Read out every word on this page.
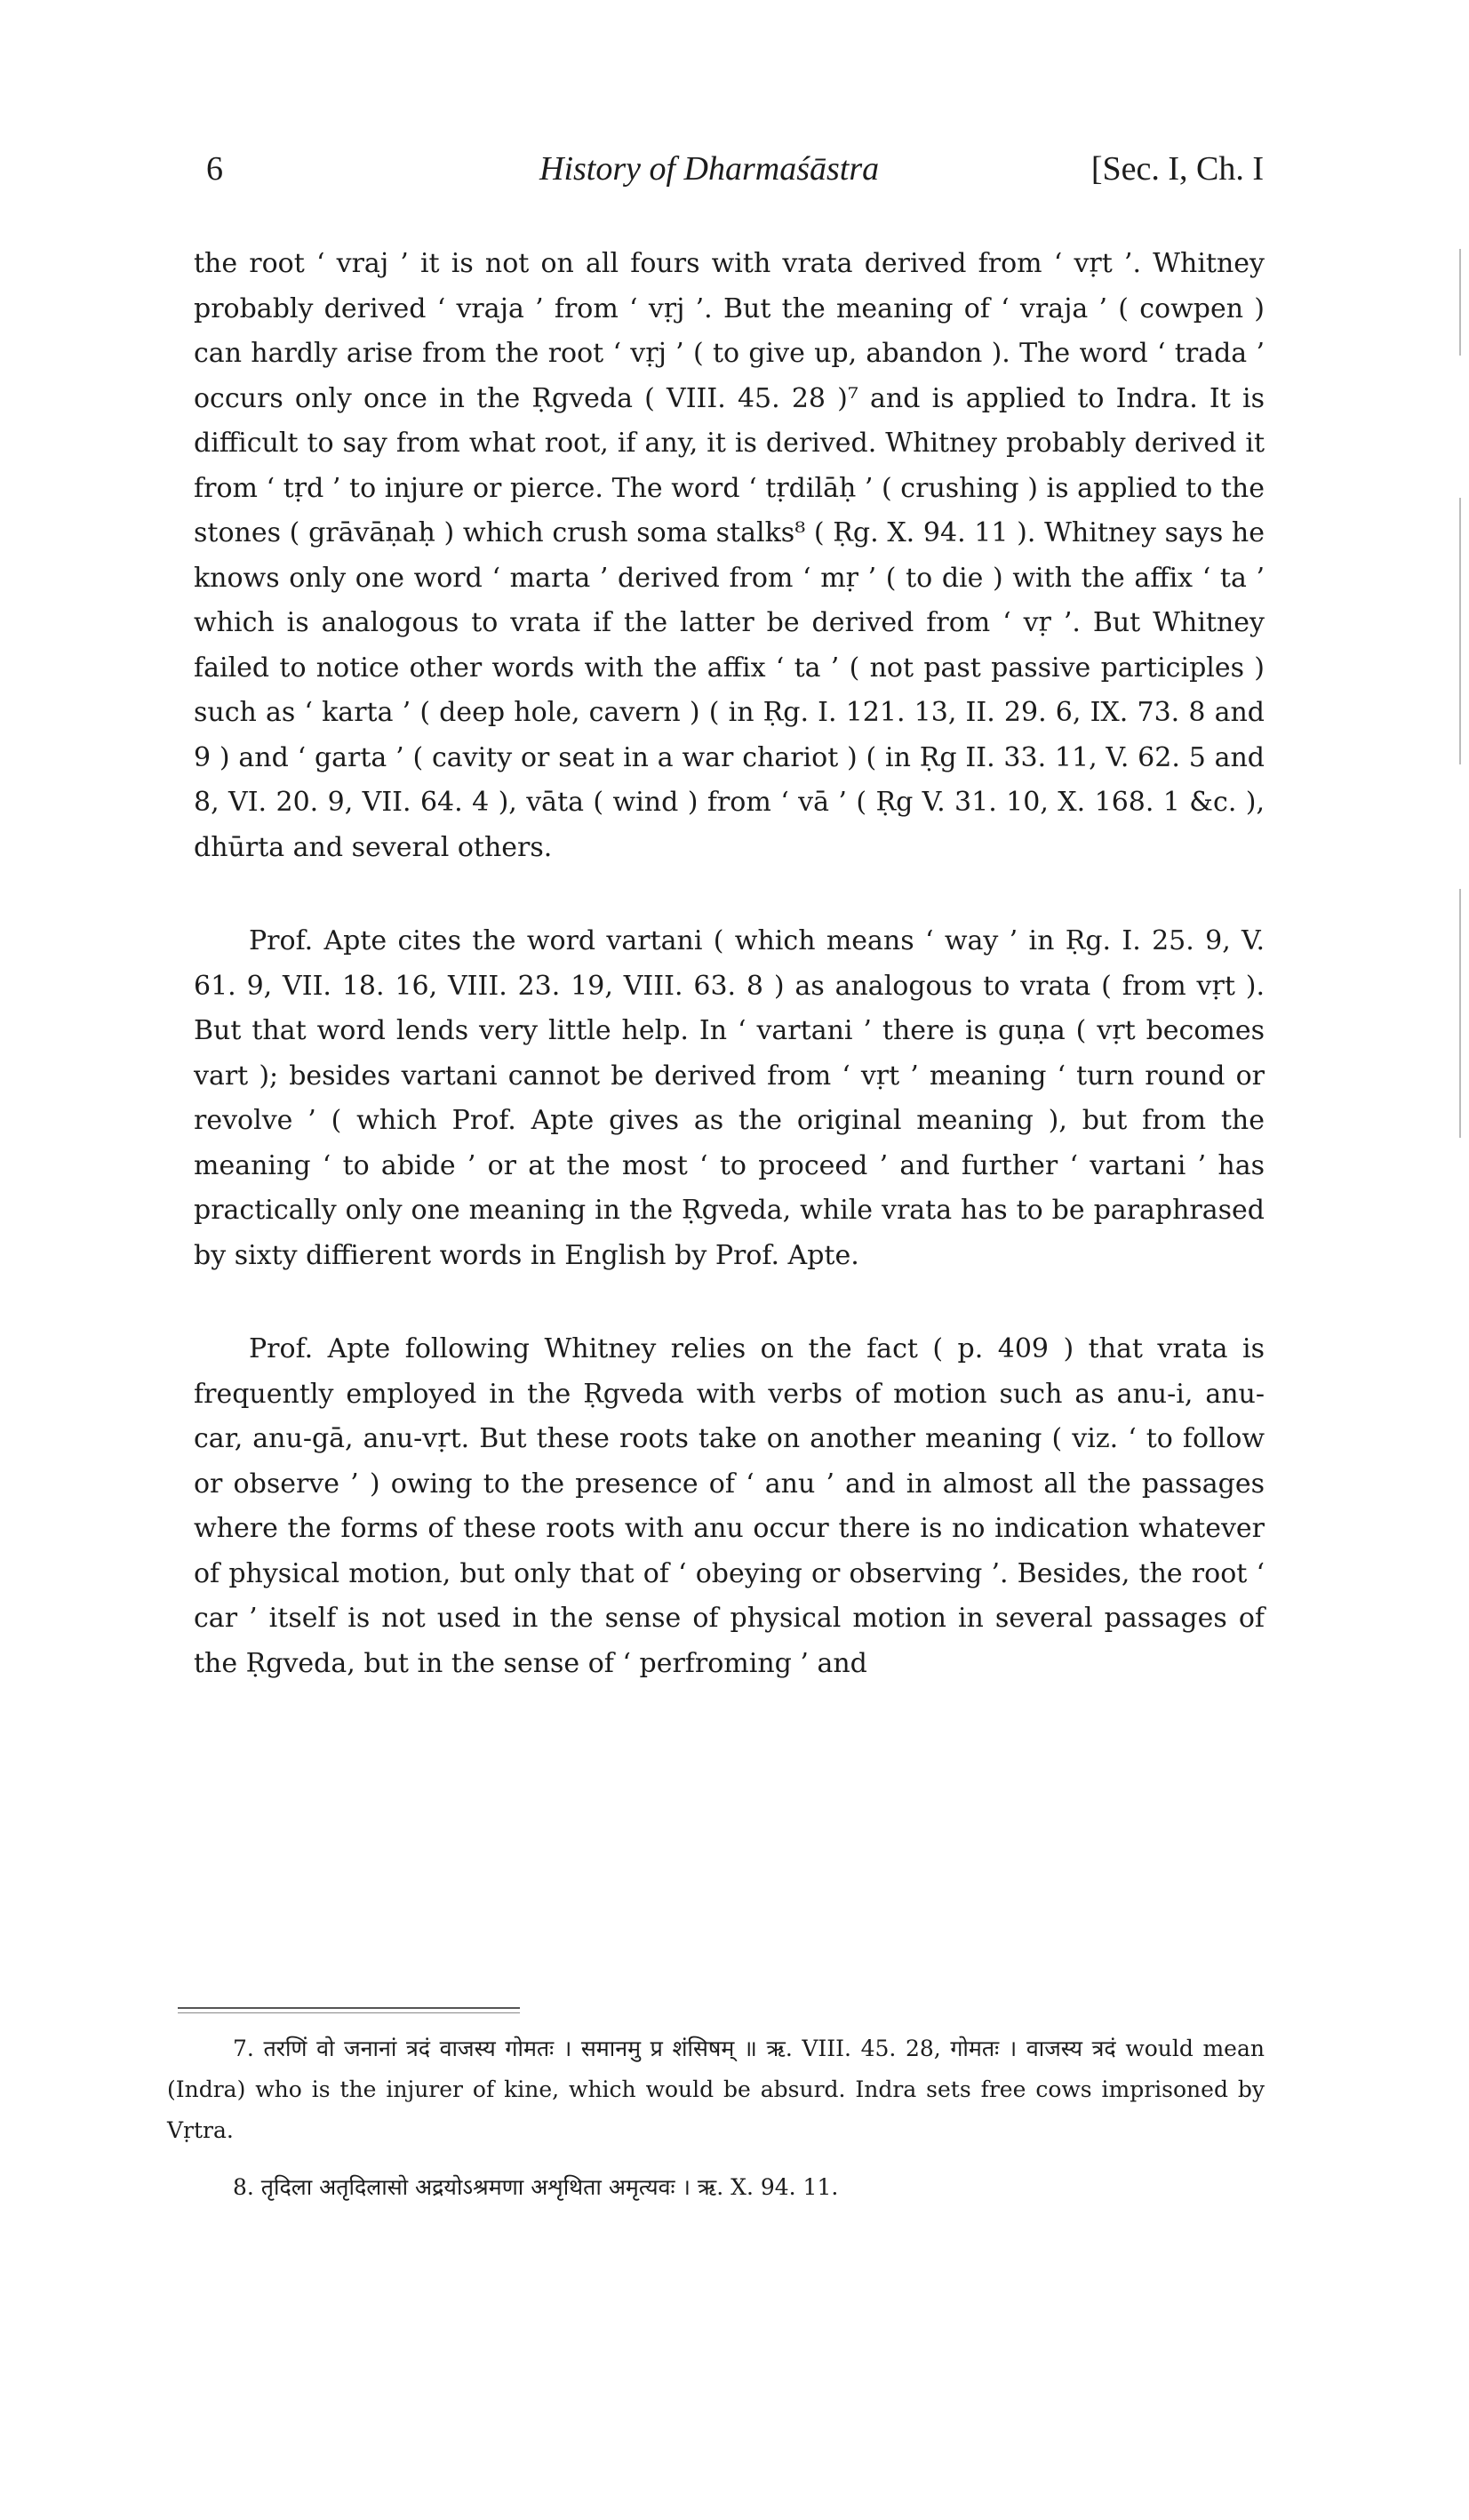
6	History of Dharmaśāstra	[Sec. I, Ch. I

the root ‘ vraj ’ it is not on all fours with vrata derived from ‘ vṛt ’. Whitney probably derived ‘ vraja ’ from ‘ vṛj ’. But the meaning of ‘ vraja ’ ( cowpen ) can hardly arise from the root ‘ vṛj ’ ( to give up, abandon ). The word ‘ trada ’ occurs only once in the Ṛgveda ( VIII. 45. 28 )⁷ and is applied to Indra. It is difficult to say from what root, if any, it is derived. Whitney probably derived it from ‘ tṛd ’ to injure or pierce. The word ‘ tṛdilāḥ ’ ( crushing ) is applied to the stones ( grāvāṇaḥ ) which crush soma stalks⁸ ( Ṛg. X. 94. 11 ). Whitney says he knows only one word ‘ marta ’ derived from ‘ mṛ ’ ( to die ) with the affix ‘ ta ’ which is analogous to vrata if the latter be derived from ‘ vṛ ’. But Whitney failed to notice other words with the affix ‘ ta ’ ( not past passive participles ) such as ‘ karta ’ ( deep hole, cavern ) ( in Ṛg. I. 121. 13, II. 29. 6, IX. 73. 8 and 9 ) and ‘ garta ’ ( cavity or seat in a war chariot ) ( in Ṛg II. 33. 11, V. 62. 5 and 8, VI. 20. 9, VII. 64. 4 ), vāta ( wind ) from ‘ vā ’ ( Ṛg V. 31. 10, X. 168. 1 &c. ), dhūrta and several others.

Prof. Apte cites the word vartani ( which means ‘ way ’ in Ṛg. I. 25. 9, V. 61. 9, VII. 18. 16, VIII. 23. 19, VIII. 63. 8 ) as analogous to vrata ( from vṛt ). But that word lends very little help. In ‘ vartani ’ there is guṇa ( vṛt becomes vart ); besides vartani cannot be derived from ‘ vṛt ’ meaning ‘ turn round or revolve ’ ( which Prof. Apte gives as the original meaning ), but from the meaning ‘ to abide ’ or at the most ‘ to proceed ’ and further ‘ vartani ’ has practically only one meaning in the Ṛgveda, while vrata has to be paraphrased by sixty diffierent words in English by Prof. Apte.

Prof. Apte following Whitney relies on the fact ( p. 409 ) that vrata is frequently employed in the Ṛgveda with verbs of motion such as anu-i, anu-car, anu-gā, anu-vṛt. But these roots take on another meaning ( viz. ‘ to follow or observe ’ ) owing to the presence of ‘ anu ’ and in almost all the passages where the forms of these roots with anu occur there is no indication whatever of physical motion, but only that of ‘ obeying or observing ’. Besides, the root ‘ car ’ itself is not used in the sense of physical motion in several passages of the Ṛgveda, but in the sense of ‘ perfroming ’ and

7. तरणिं वो जनानां त्रदं वाजस्य गोमतः । समानमु प्र शंसिषम् ॥ ऋ. VIII. 45. 28, गोमतः । वाजस्य त्रदं would mean (Indra) who is the injurer of kine, which would be absurd. Indra sets free cows imprisoned by Vṛtra.

8. तृदिला अतृदिलासो अद्रयोऽश्रमणा अशृथिता अमृत्यवः । ऋ. X. 94. 11.
